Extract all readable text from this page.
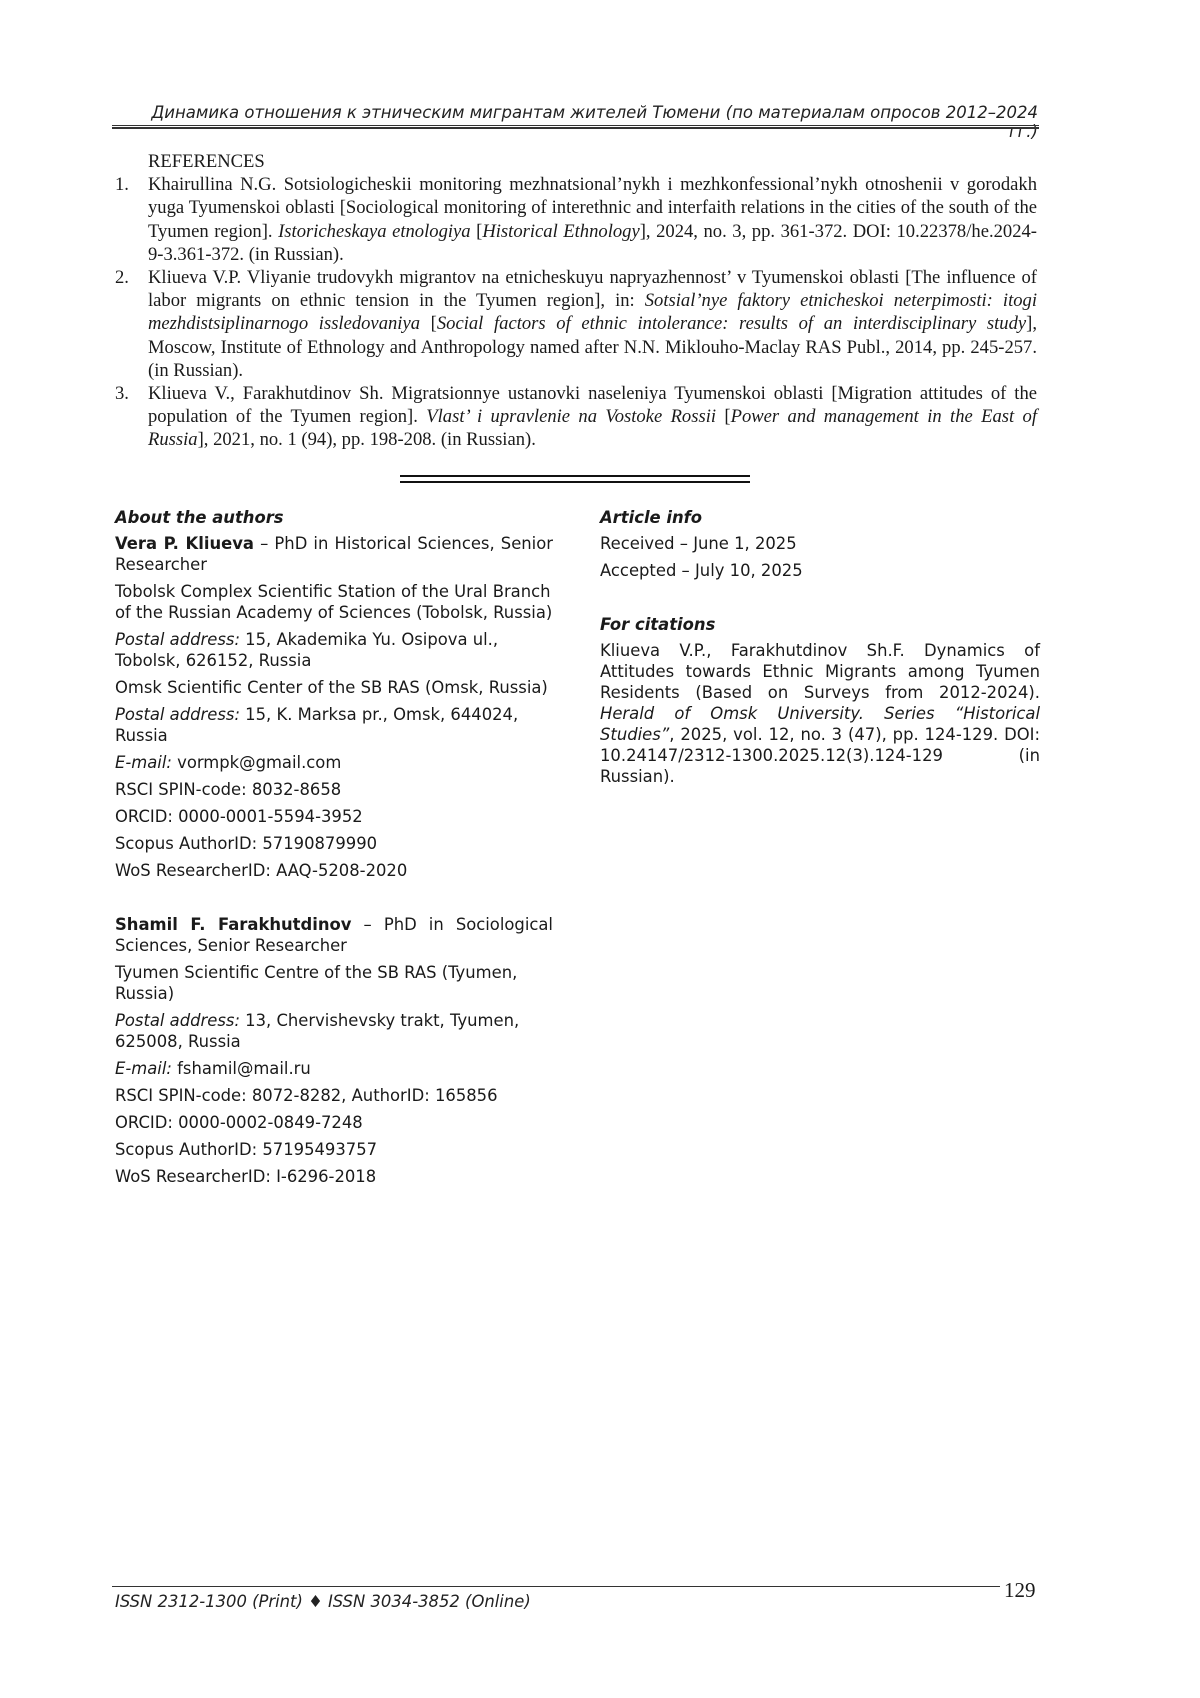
Динамика отношения к этническим мигрантам жителей Тюмени (по материалам опросов 2012–2024 гг.)
REFERENCES
1. Khairullina N.G. Sotsiologicheskii monitoring mezhnatsional’nykh i mezhkonfessional’nykh otnoshenii v gorodakh yuga Tyumenskoi oblasti [Sociological monitoring of interethnic and interfaith relations in the cities of the south of the Tyumen region]. Istoricheskaya etnologiya [Historical Ethnology], 2024, no. 3, pp. 361-372. DOI: 10.22378/he.2024-9-3.361-372. (in Russian).
2. Klіueva V.P. Vliyanie trudovykh migrantov na etnicheskuyu napryazhennost’ v Tyumenskoi oblasti [The influence of labor migrants on ethnic tension in the Tyumen region], in: Sotsial’nye faktory etnicheskoi neterpimosti: itogi mezhdistsiplinarnogo issledovaniya [Social factors of ethnic intolerance: results of an interdisciplinary study], Moscow, Institute of Ethnology and Anthropology named after N.N. Miklouho-Maclay RAS Publ., 2014, pp. 245-257. (in Russian).
3. Klіueva V., Farakhutdinov Sh. Migratsionnye ustanovki naseleniya Tyumenskoi oblasti [Migration attitudes of the population of the Tyumen region]. Vlast’ i upravlenie na Vostoke Rossii [Power and management in the East of Russia], 2021, no. 1 (94), pp. 198-208. (in Russian).
About the authors
Vera P. Klіueva – PhD in Historical Sciences, Senior Researcher
Tobolsk Complex Scientific Station of the Ural Branch of the Russian Academy of Sciences (Tobolsk, Russia)
Postal address: 15, Akademika Yu. Osipova ul., Tobolsk, 626152, Russia
Omsk Scientific Center of the SB RAS (Omsk, Russia)
Postal address: 15, K. Marksa pr., Omsk, 644024, Russia
E-mail: vormpk@gmail.com
RSCI SPIN-code: 8032-8658
ORCID: 0000-0001-5594-3952
Scopus AuthorID: 57190879990
WoS ResearcherID: AAQ-5208-2020
Shamil F. Farakhutdinov – PhD in Sociological Sciences, Senior Researcher
Tyumen Scientific Centre of the SB RAS (Tyumen, Russia)
Postal address: 13, Chervishevsky trakt, Tyumen, 625008, Russia
E-mail: fshamil@mail.ru
RSCI SPIN-code: 8072-8282, AuthorID: 165856
ORCID: 0000-0002-0849-7248
Scopus AuthorID: 57195493757
WoS ResearcherID: I-6296-2018
Article info
Received – June 1, 2025
Accepted – July 10, 2025
For citations
Klіueva V.P., Farakhutdinov Sh.F. Dynamics of Attitudes towards Ethnic Migrants among Tyumen Residents (Based on Surveys from 2012-2024). Herald of Omsk University. Series “Historical Studies”, 2025, vol. 12, no. 3 (47), pp. 124-129. DOI: 10.24147/2312-1300.2025.12(3).124-129 (in Russian).
ISSN 2312-1300 (Print) ♦ ISSN 3034-3852 (Online)	129
